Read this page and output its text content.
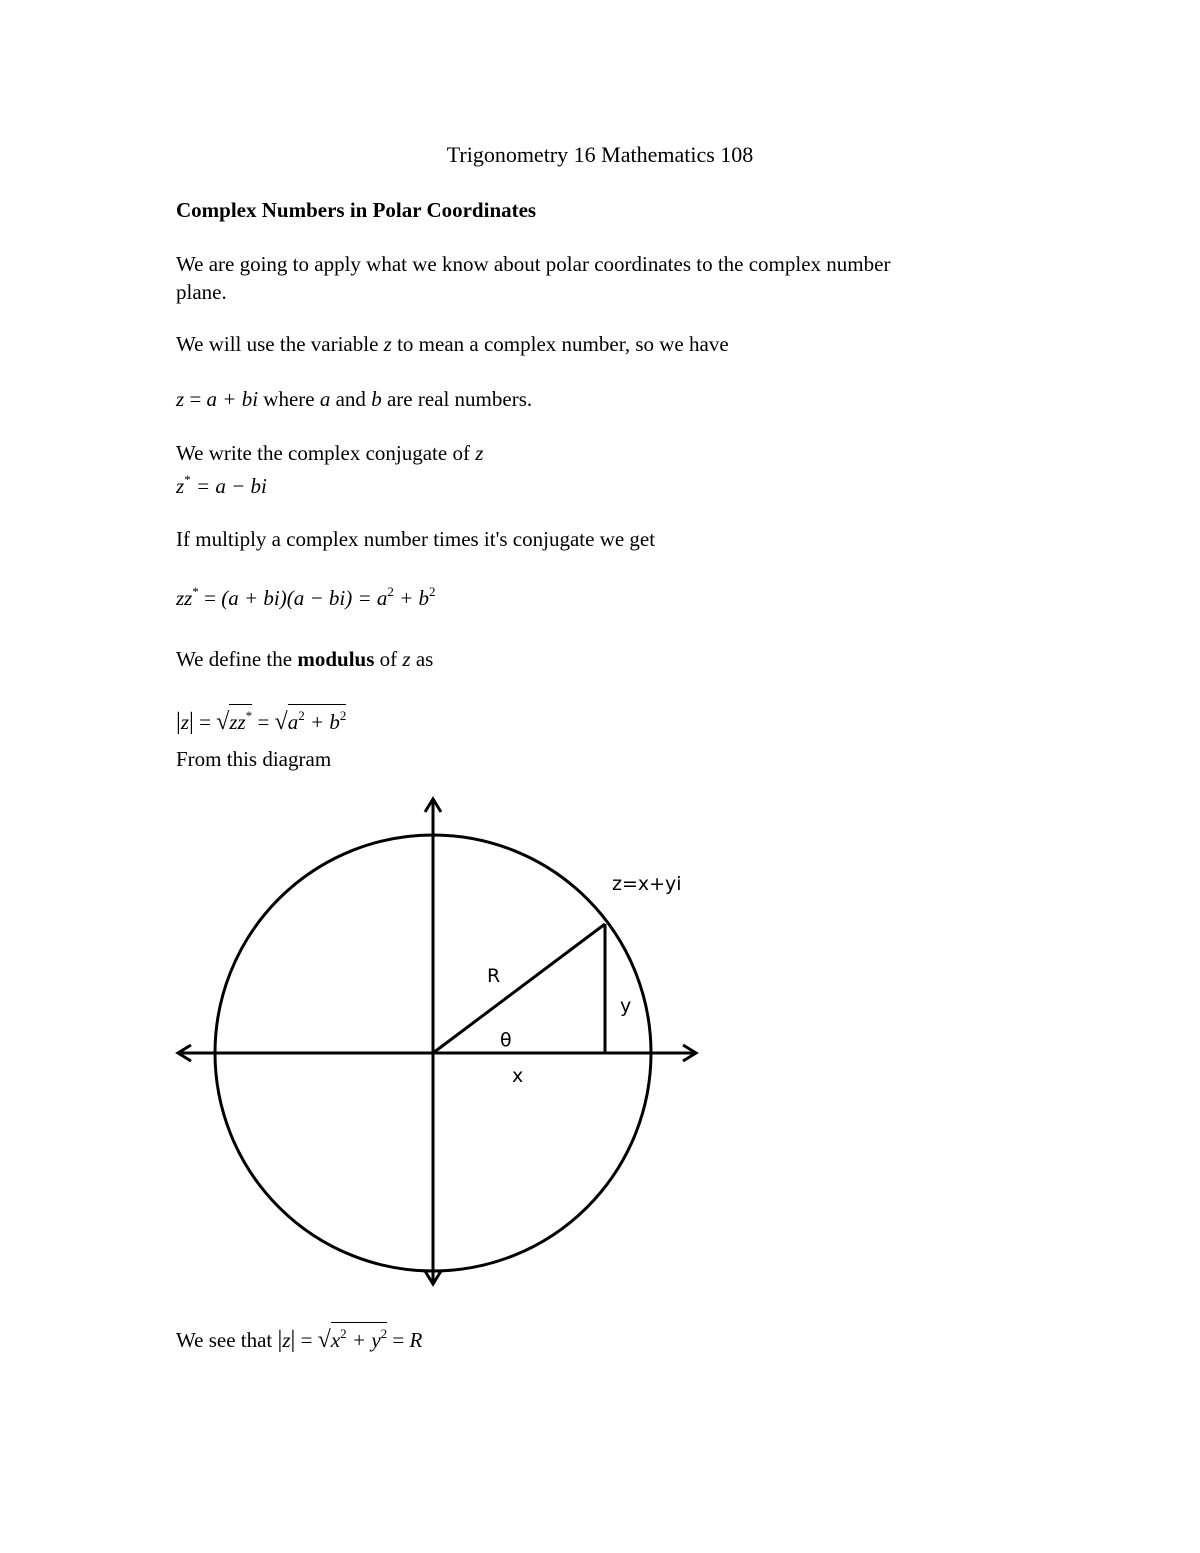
Trigonometry 16 Mathematics 108
Complex Numbers in Polar Coordinates
We are going to apply what we know about polar coordinates to the complex number
plane.
We will use the variable z to mean a complex number, so we have
z = a + bi where a and b are real numbers.
We write the complex conjugate of z
z* = a − bi
If multiply a complex number times it's conjugate we get
$zz^* = (a + bi)(a - bi) = a^2 + b^2$
We define the modulus of z as
$|z| = √zz^* = √a^2 + b^2$
From this diagram
z=x+yi
R
y
θ
x
We see that $|z| = √x^2 + y^2 = R$
